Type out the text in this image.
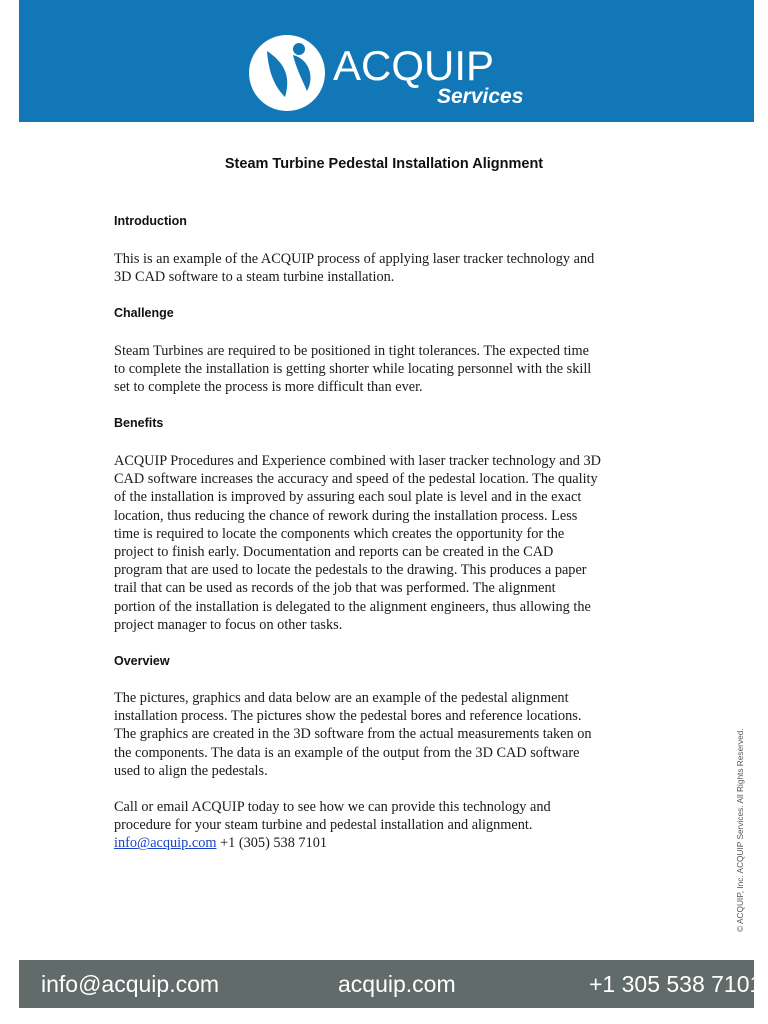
ACQUIP
Services
Steam Turbine Pedestal Installation Alignment
Introduction
This is an example of the ACQUIP process of applying laser tracker technology and
3D CAD software to a steam turbine installation.
Challenge
Steam Turbines are required to be positioned in tight tolerances. The expected time
to complete the installation is getting shorter while locating personnel with the skill
set to complete the process is more difficult than ever.
Benefits
ACQUIP Procedures and Experience combined with laser tracker technology and 3D
CAD software increases the accuracy and speed of the pedestal location. The quality
of the installation is improved by assuring each soul plate is level and in the exact
location, thus reducing the chance of rework during the installation process. Less
time is required to locate the components which creates the opportunity for the
project to finish early. Documentation and reports can be created in the CAD
program that are used to locate the pedestals to the drawing. This produces a paper
trail that can be used as records of the job that was performed. The alignment
portion of the installation is delegated to the alignment engineers, thus allowing the
project manager to focus on other tasks.
Overview
The pictures, graphics and data below are an example of the pedestal alignment
installation process. The pictures show the pedestal bores and reference locations.
The graphics are created in the 3D software from the actual measurements taken on
the components. The data is an example of the output from the 3D CAD software
used to align the pedestals.
Call or email ACQUIP today to see how we can provide this technology and
procedure for your steam turbine and pedestal installation and alignment.
info@acquip.com +1 (305) 538 7101	© ACQUIP, Inc. ACQUIP Services. All Rights Reserved.
info@acquip.com	acquip.com	+1 305 538 7101
